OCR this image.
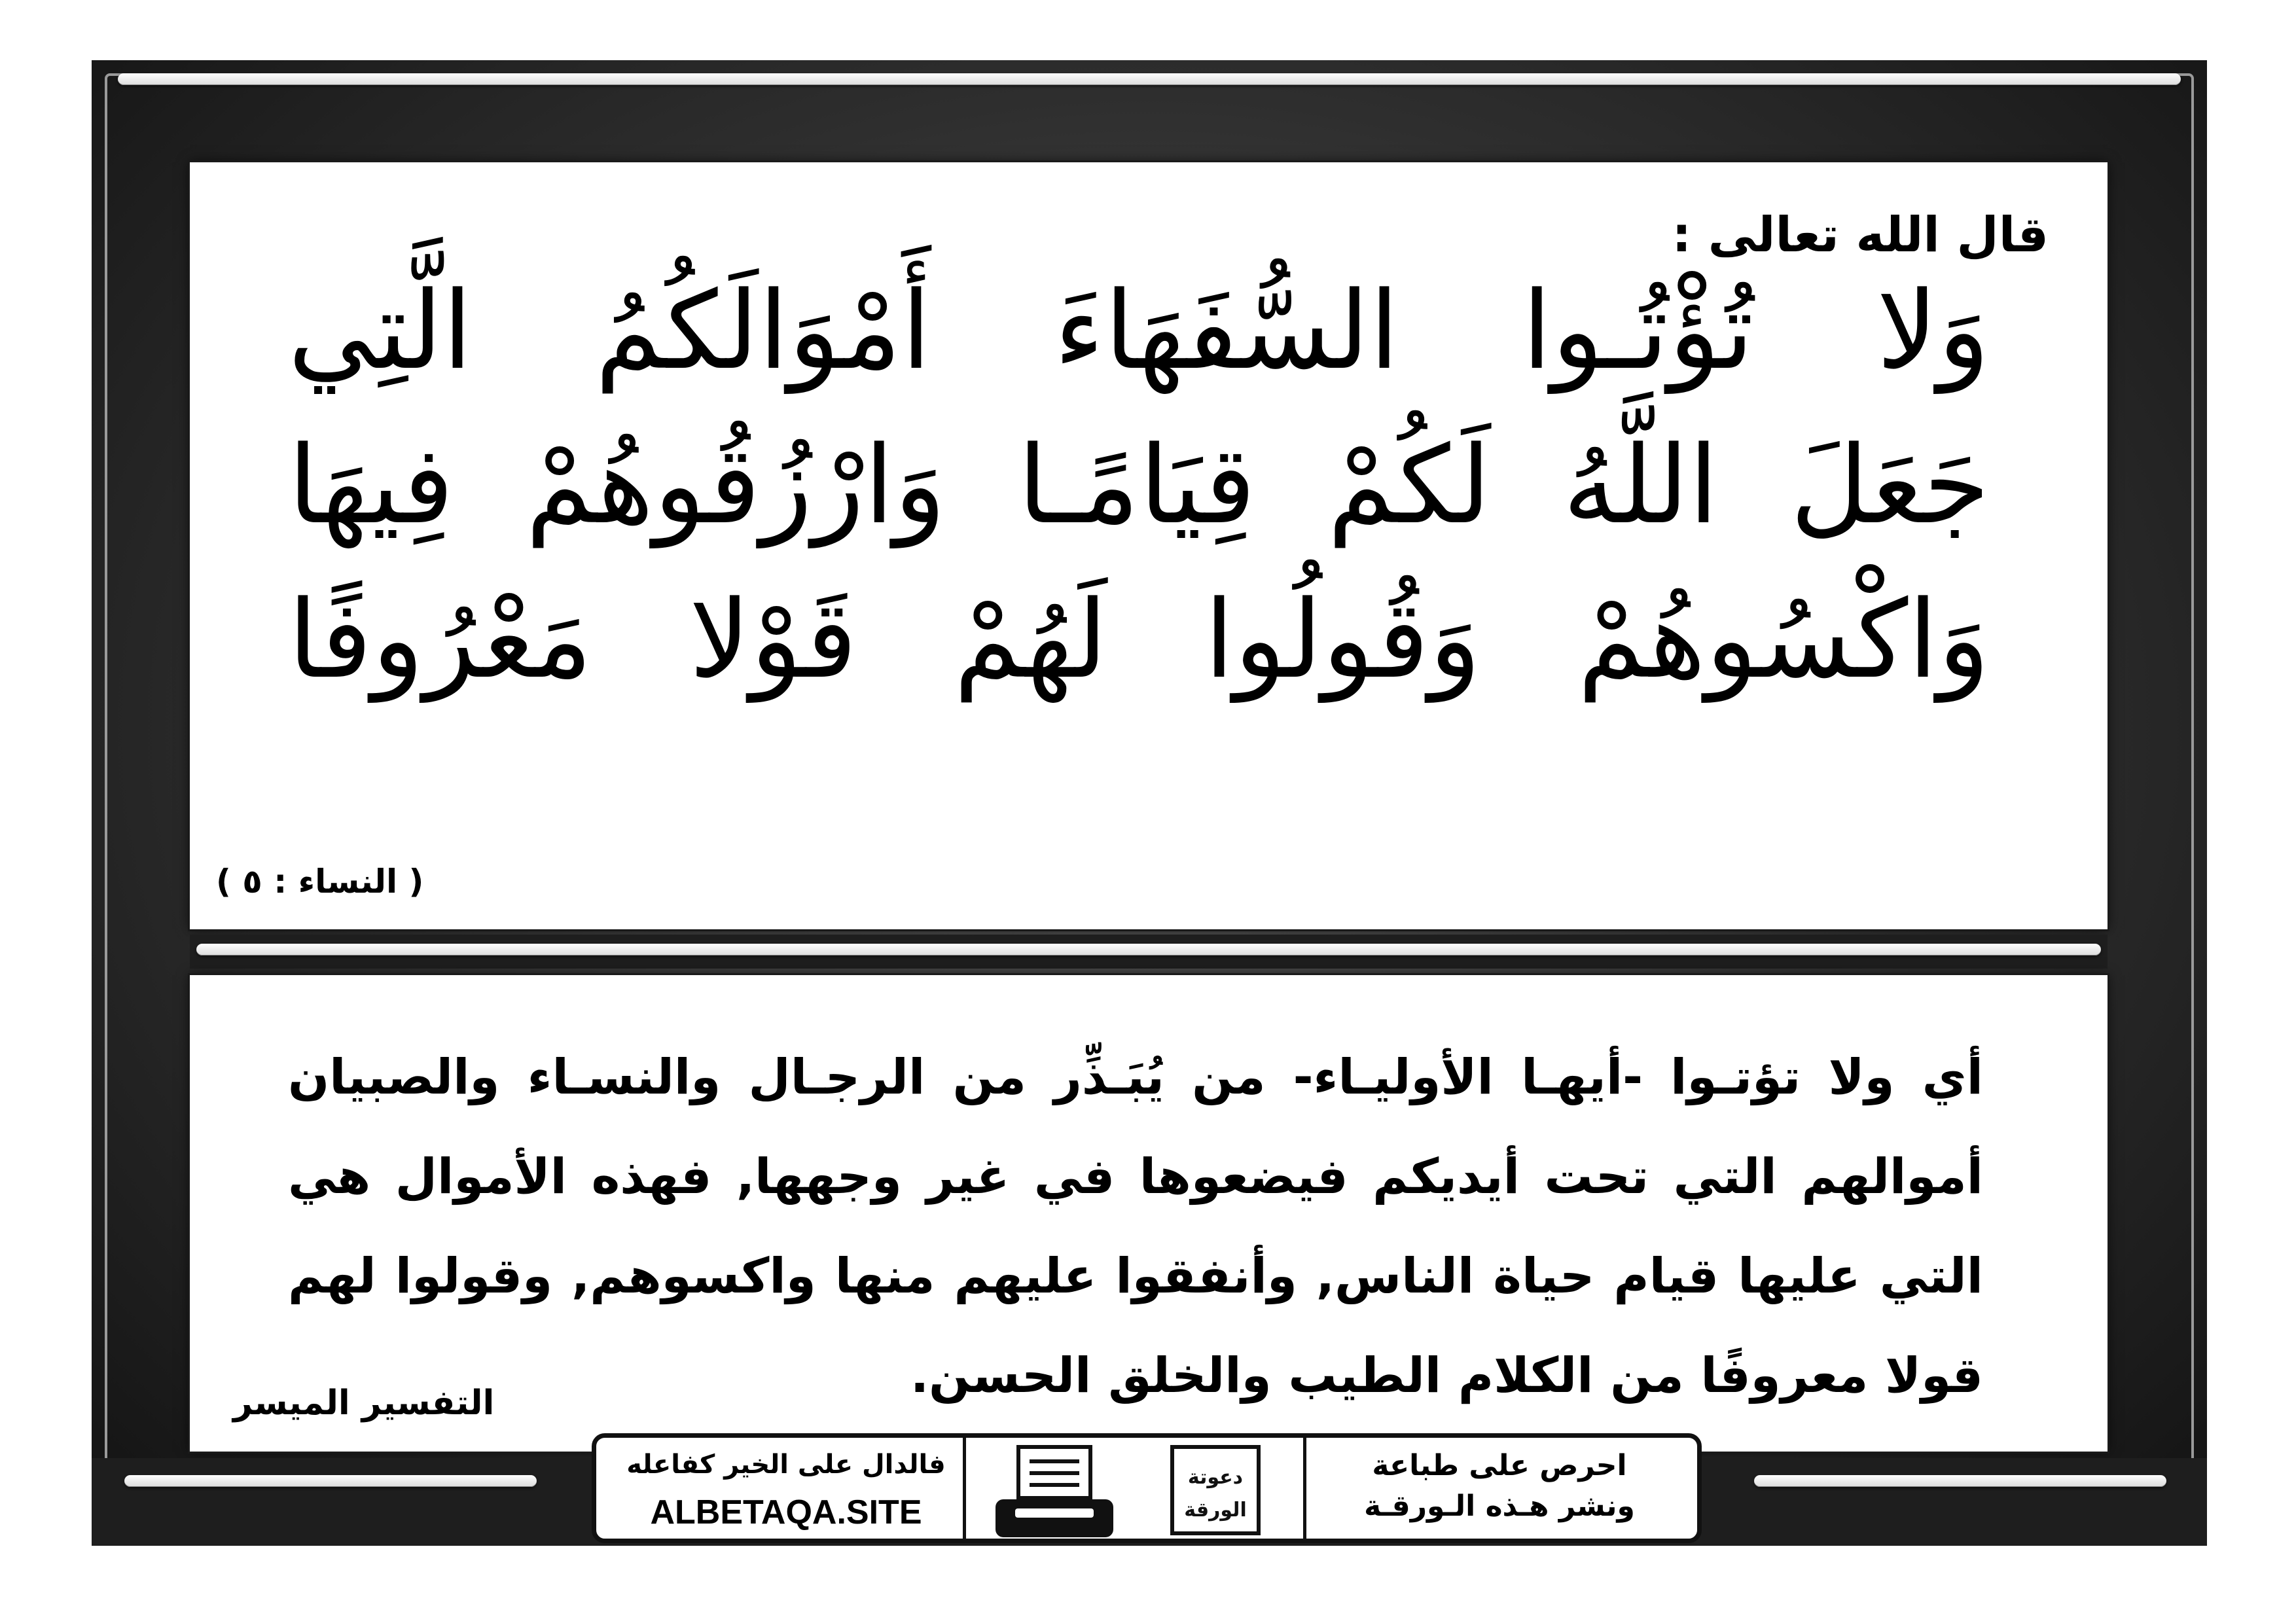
قال الله تعالى :
وَلا تُؤْتُـوا السُّفَهَاءَ أَمْوَالَكُمُ الَّتِي
جَعَلَ اللَّهُ لَكُمْ قِيَامًـا وَارْزُقُوهُمْ فِيهَا
وَاكْسُوهُمْ وَقُولُوا لَهُمْ قَوْلا مَعْرُوفًا
( النساء : ٥ )
أي ولا تؤتـوا -أيهـا الأوليـاء- من يُبَـذِّر من الرجـال والنسـاء والصبيان أموالهم التي تحت أيديكم فيضعوها في غير وجهها, فهذه الأموال هي التي عليها قيام حياة الناس, وأنفقوا عليهم منها واكسوهم, وقولوا لهم قولا معروفًا من الكلام الطيب والخلق الحسن.
التفسير الميسر
احرص على طباعة
ونشر هـذه الـورقـة
دعوتة
الورقة
فالدال على الخير كفاعله
ALBETAQA.SITE
